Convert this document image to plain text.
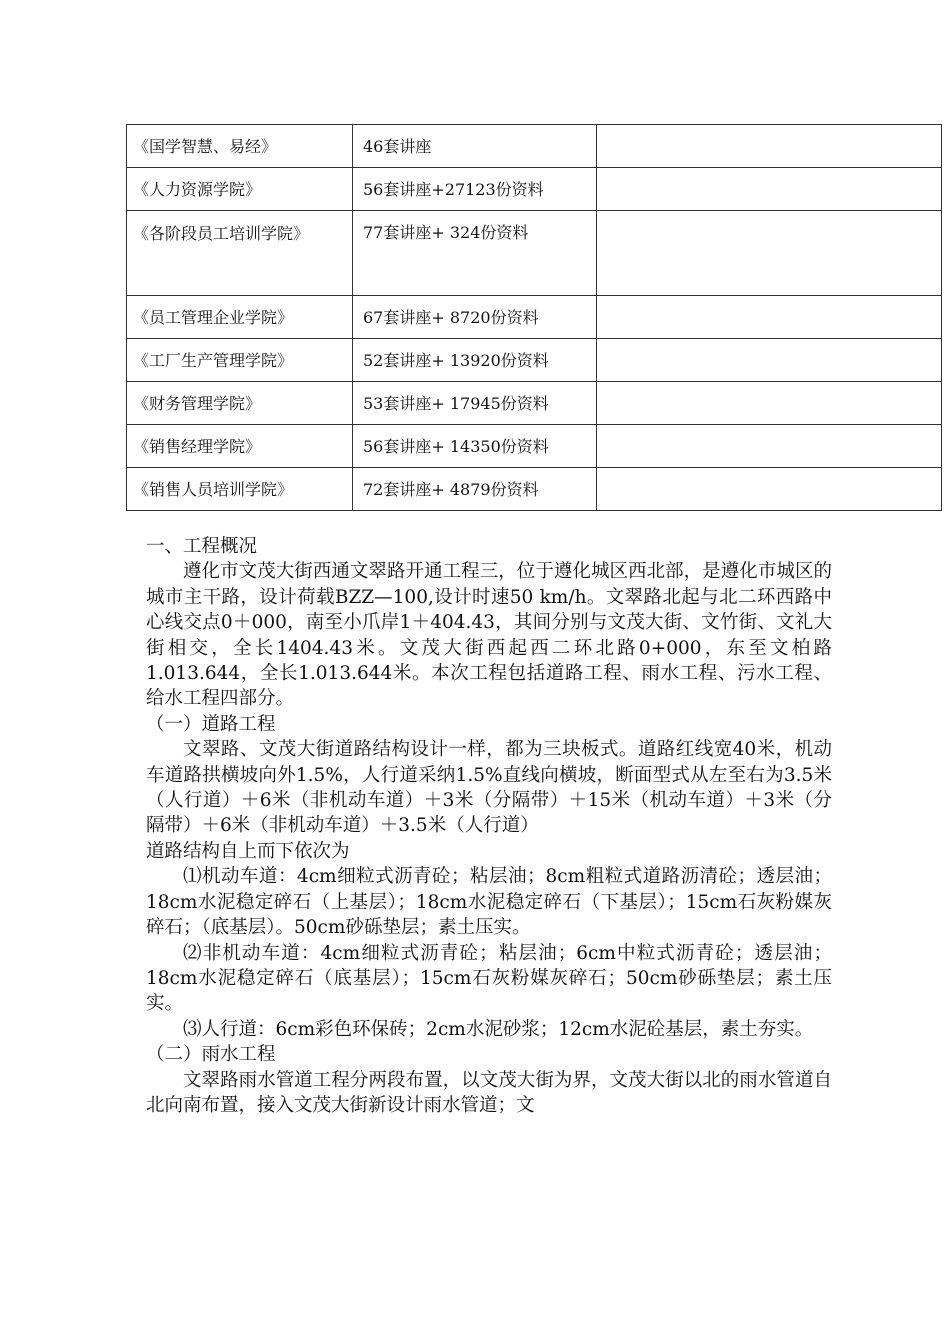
《国学智慧、易经》	46套讲座	
《人力资源学院》	56套讲座+27123份资料	
《各阶段员工培训学院》	77套讲座+ 324份资料	
《员工管理企业学院》	67套讲座+ 8720份资料	
《工厂生产管理学院》	52套讲座+ 13920份资料	
《财务管理学院》	53套讲座+ 17945份资料	
《销售经理学院》	56套讲座+ 14350份资料	
《销售人员培训学院》	72套讲座+ 4879份资料	

一、工程概况

遵化市文茂大街西通文翠路开通工程三，位于遵化城区西北部，是遵化市城区的城市主干路，设计荷载BZZ—100,设计时速50 km/h。文翠路北起与北二环西路中心线交点0＋000，南至小爪岸1＋404.43，其间分别与文茂大街、文竹街、文礼大街相交，全长1404.43米。文茂大街西起西二环北路0+000，东至文柏路1.013.644，全长1.013.644米。本次工程包括道路工程、雨水工程、污水工程、给水工程四部分。

（一）道路工程

文翠路、文茂大街道路结构设计一样，都为三块板式。道路红线宽40米，机动车道路拱横坡向外1.5%，人行道采纳1.5%直线向横坡，断面型式从左至右为3.5米（人行道）＋6米（非机动车道）＋3米（分隔带）＋15米（机动车道）＋3米（分隔带）＋6米（非机动车道）＋3.5米（人行道）

道路结构自上而下依次为

⑴机动车道：4cm细粒式沥青砼；粘层油；8cm粗粒式道路沥清砼；透层油；18cm水泥稳定碎石（上基层）；18cm水泥稳定碎石（下基层）；15cm石灰粉媒灰碎石；（底基层）。50cm砂砾垫层；素土压实。

⑵非机动车道：4cm细粒式沥青砼；粘层油；6cm中粒式沥青砼；透层油；18cm水泥稳定碎石（底基层）；15cm石灰粉媒灰碎石；50cm砂砾垫层；素土压实。

⑶人行道：6cm彩色环保砖；2cm水泥砂浆；12cm水泥砼基层，素土夯实。

（二）雨水工程

文翠路雨水管道工程分两段布置，以文茂大街为界，文茂大街以北的雨水管道自北向南布置，接入文茂大街新设计雨水管道；文
